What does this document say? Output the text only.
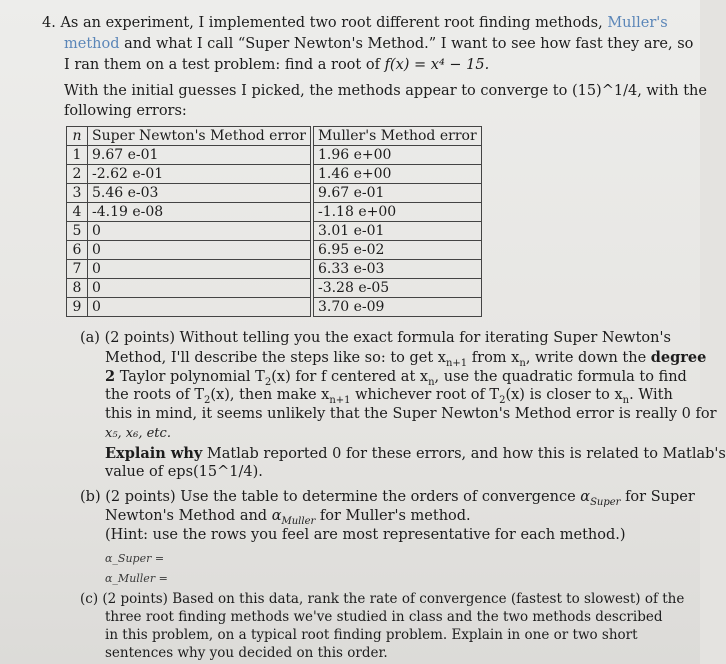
4. As an experiment, I implemented two root different root finding methods, Muller's
method and what I call “Super Newton's Method.” I want to see how fast they are, so
I ran them on a test problem: find a root of f(x) = x⁴ − 15.
With the initial guesses I picked, the methods appear to converge to (15)^1/4, with the
following errors:
n	Super Newton's Method error		Muller's Method error
1	9.67 e-01		1.96 e+00
2	-2.62 e-01		1.46 e+00
3	5.46 e-03		9.67 e-01
4	-4.19 e-08		-1.18 e+00
5	0		3.01 e-01
6	0		6.95 e-02
7	0		6.33 e-03
8	0		-3.28 e-05
9	0		3.70 e-09
(a) (2 points) Without telling you the exact formula for iterating Super Newton's
Method, I'll describe the steps like so: to get $x_{n+1}$ from $x_n$, write down the degree
2 Taylor polynomial $T_2(x)$ for f centered at $x_n$, use the quadratic formula to find
the roots of $T_2(x)$, then make $x_{n+1}$ whichever root of $T_2(x)$ is closer to $x_n$. With
this in mind, it seems unlikely that the Super Newton's Method error is really 0 for
x₅, x₆, etc.
Explain why Matlab reported 0 for these errors, and how this is related to Matlab's
value of eps(15^1/4).
(b) (2 points) Use the table to determine the orders of convergence $\alpha_{Super}$ for Super
Newton's Method and $\alpha_{Muller}$ for Muller's method.
(Hint: use the rows you feel are most representative for each method.)
α_Super =
α_Muller =
(c) (2 points) Based on this data, rank the rate of convergence (fastest to slowest) of the
three root finding methods we've studied in class and the two methods described
in this problem, on a typical root finding problem. Explain in one or two short
sentences why you decided on this order.
